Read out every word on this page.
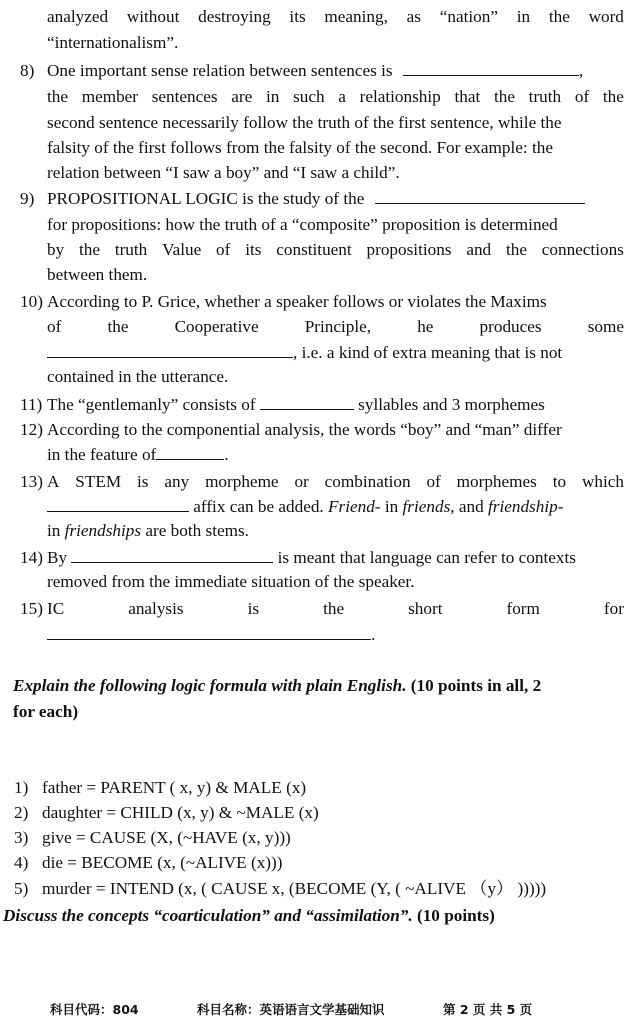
analyzed without destroying its meaning, as “nation” in the word
“internationalism”.
8) One important sense relation between sentences is	,
the member sentences are in such a relationship that the truth of the
second sentence necessarily follow the truth of the first sentence, while the
falsity of the first follows from the falsity of the second. For example: the
relation between “I saw a boy” and “I saw a child”.
9) PROPOSITIONAL LOGIC is the study of the
for propositions: how the truth of a “composite” proposition is determined
by the truth Value of its constituent propositions and the connections
between them.
10) According to P. Grice, whether a speaker follows or violates the Maxims
of	the	Cooperative	Principle,	he	produces	some
, i.e. a kind of extra meaning that is not
contained in the utterance.
11) The “gentlemanly” consists of	syllables and 3 morphemes
12) According to the componential analysis, the words “boy” and “man” differ
in the feature of	.
13) A STEM is any morpheme or combination of morphemes to which
affix can be added. Friend- in friends, and friendship-
in friendships are both stems.
14) By	is meant that language can refer to contexts
removed from the immediate situation of the speaker.
15) IC	analysis	is	the	short	form	for
.
Explain the following logic formula with plain English. (10 points in all, 2
for each)
1) father = PARENT ( x, y) & MALE (x)
2) daughter = CHILD (x, y) & ~MALE (x)
3) give = CAUSE (X, (~HAVE (x, y)))
4) die = BECOME (x, (~ALIVE (x)))
5) murder = INTEND (x, ( CAUSE x, (BECOME (Y, ( ~ALIVE （y） )))))
Discuss the concepts “coarticulation” and “assimilation”. (10 points)
科目代码：804	科目名称：英语语言文学基础知识	第 2 页 共 5 页
